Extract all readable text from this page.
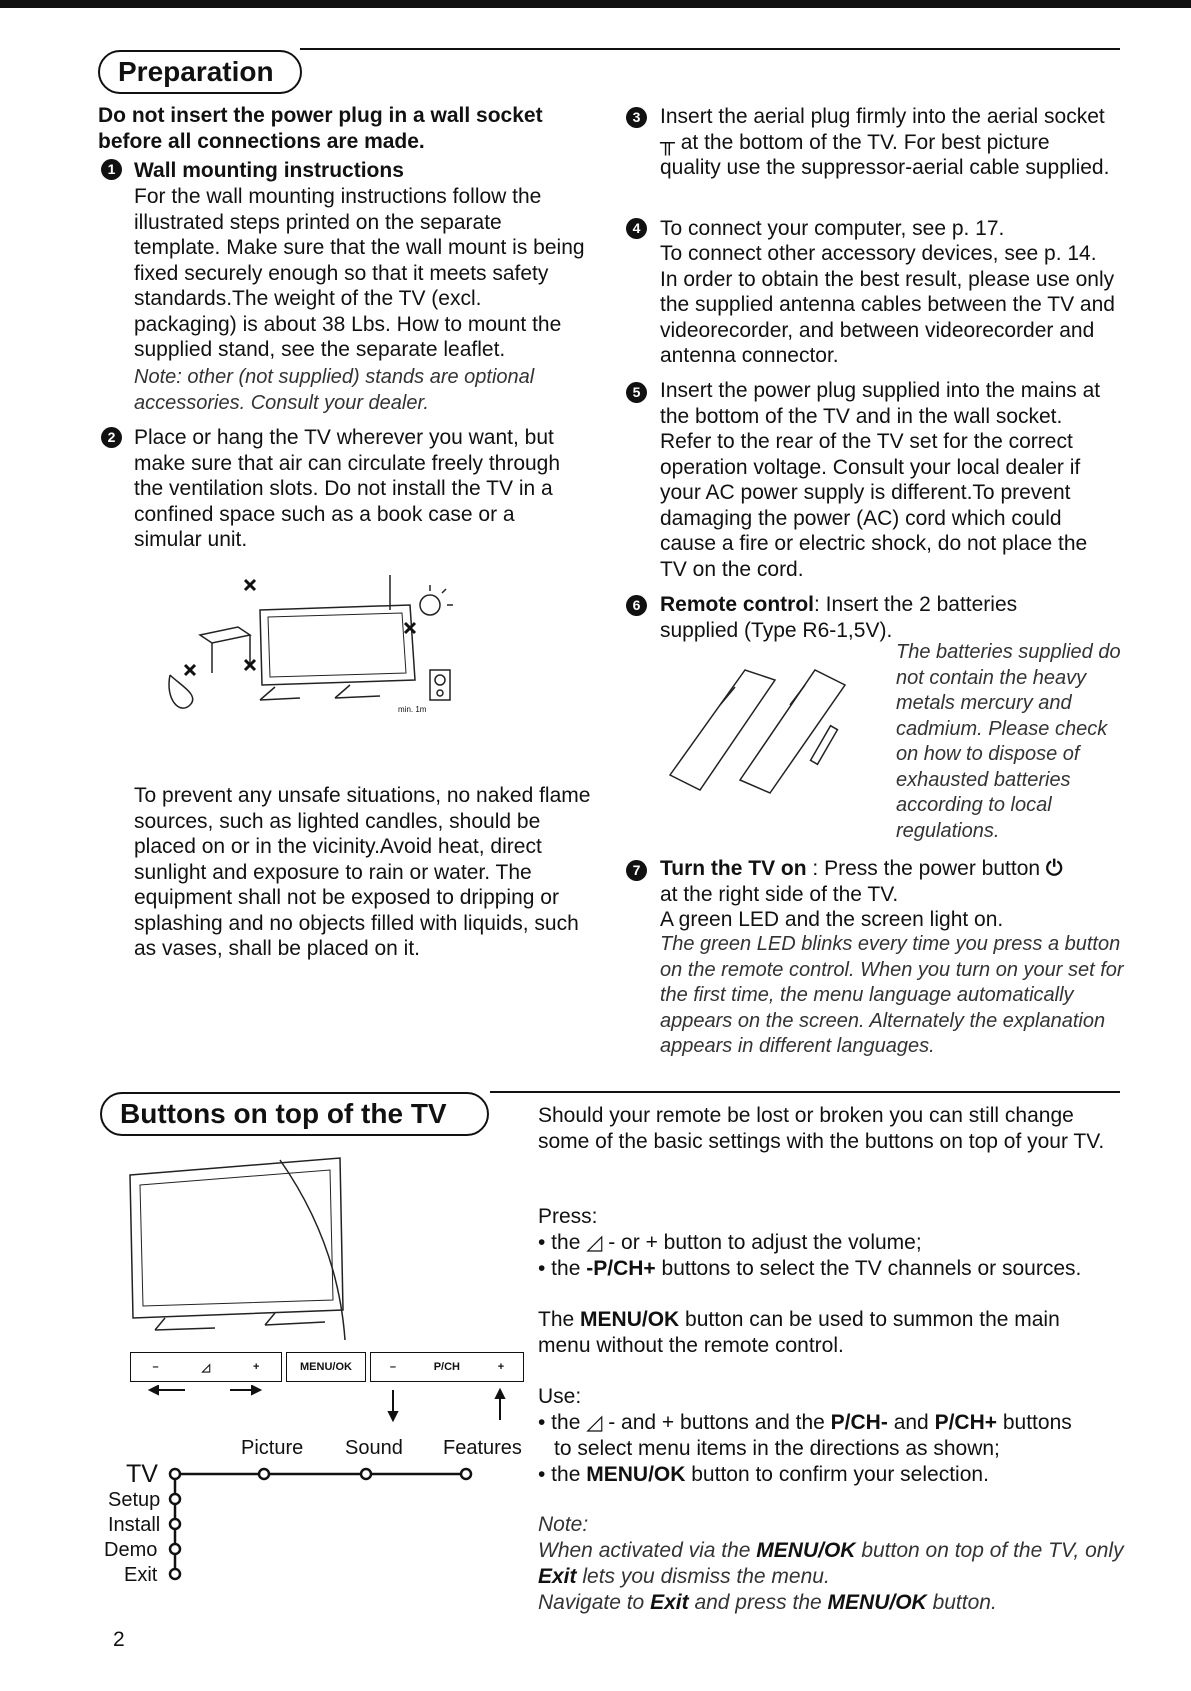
Preparation

Do not insert the power plug in a wall socket before all connections are made.

1 Wall mounting instructions

For the wall mounting instructions follow the illustrated steps printed on the separate template. Make sure that the wall mount is being fixed securely enough so that it meets safety standards.The weight of the TV (excl. packaging) is about 38 Lbs. How to mount the supplied stand, see the separate leaflet.

Note: other (not supplied) stands are optional accessories. Consult your dealer.

2 Place or hang the TV wherever you want, but make sure that air can circulate freely through the ventilation slots. Do not install the TV in a confined space such as a book case or a simular unit.

min. 1m

To prevent any unsafe situations, no naked flame sources, such as lighted candles, should be placed on or in the vicinity.Avoid heat, direct sunlight and exposure to rain or water. The equipment shall not be exposed to dripping or splashing and no objects filled with liquids, such as vases, shall be placed on it.

3 Insert the aerial plug firmly into the aerial socket ╥ at the bottom of the TV. For best picture quality use the suppressor-aerial cable supplied.

4 To connect your computer, see p. 17.

To connect other accessory devices, see p. 14. In order to obtain the best result, please use only the supplied antenna cables between the TV and videorecorder, and between videorecorder and antenna connector.

5 Insert the power plug supplied into the mains at the bottom of the TV and in the wall socket. Refer to the rear of the TV set for the correct operation voltage. Consult your local dealer if your AC power supply is different.To prevent damaging the power (AC) cord which could cause a fire or electric shock, do not place the TV on the cord.

6 Remote control: Insert the 2 batteries supplied (Type R6-1,5V).

The batteries supplied do not contain the heavy metals mercury and cadmium. Please check on how to dispose of exhausted batteries according to local regulations.

7 Turn the TV on : Press the power button ⏻
at the right side of the TV.
A green LED and the screen light on.

The green LED blinks every time you press a button on the remote control. When you turn on your set for the first time, the menu language automatically appears on the screen. Alternately the explanation appears in different languages.

Buttons on top of the TV
–	◿	+	MENU/OK	–	P/CH	+
Picture Sound Features
TV
Setup
Install
Demo
Exit

Should your remote be lost or broken you can still change some of the basic settings with the buttons on top of your TV.

Press:

• the ◿ - or + button to adjust the volume;

• the -P/CH+ buttons to select the TV channels or sources.

The MENU/OK button can be used to summon the main menu without the remote control.

Use:

• the ◿ - and + buttons and the P/CH- and P/CH+ buttons

to select menu items in the directions as shown;

• the MENU/OK button to confirm your selection.

Note:

When activated via the MENU/OK button on top of the TV, only

Exit lets you dismiss the menu.

Navigate to Exit and press the MENU/OK button.

2
